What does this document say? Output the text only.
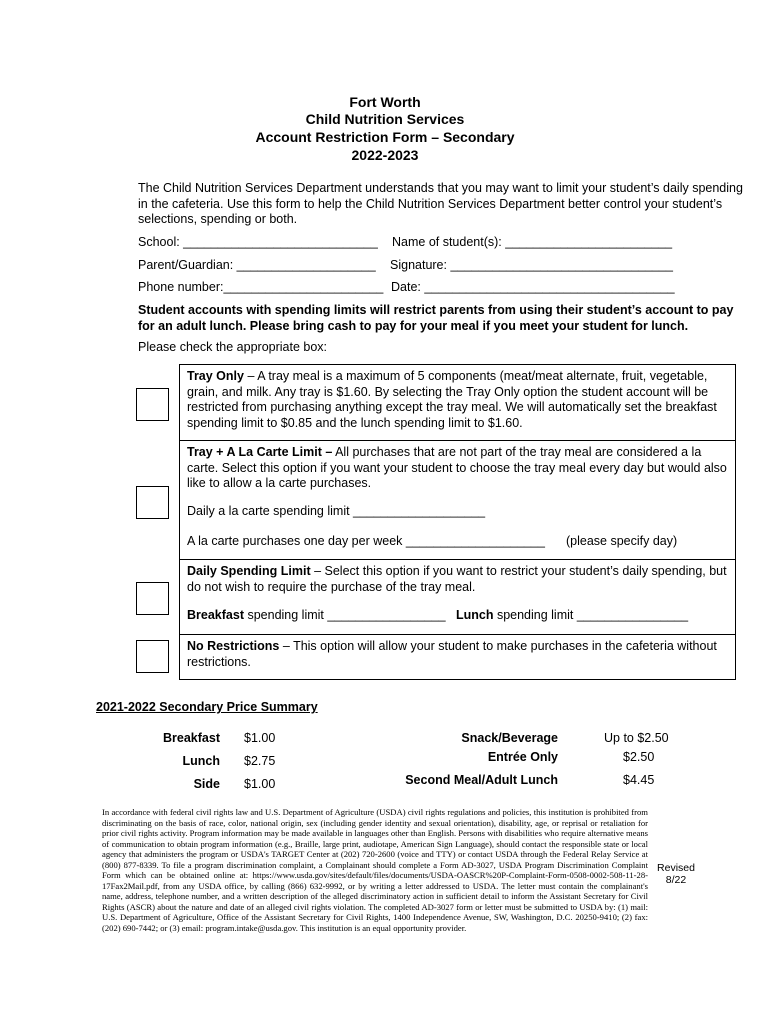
Fort Worth
Child Nutrition Services
Account Restriction Form – Secondary
2022-2023
The Child Nutrition Services Department understands that you may want to limit your student’s daily spending in the cafeteria. Use this form to help the Child Nutrition Services Department better control your student’s selections, spending or both.
School: ____________________________ Name of student(s): ________________________
Parent/Guardian: ____________________ Signature: ________________________________
Phone number:_______________________ Date: ____________________________________
Student accounts with spending limits will restrict parents from using their student’s account to pay for an adult lunch. Please bring cash to pay for your meal if you meet your student for lunch.
Please check the appropriate box:
Tray Only – A tray meal is a maximum of 5 components (meat/meat alternate, fruit, vegetable, grain, and milk. Any tray is $1.60. By selecting the Tray Only option the student account will be restricted from purchasing anything except the tray meal. We will automatically set the breakfast spending limit to $0.85 and the lunch spending limit to $1.60.
Tray + A La Carte Limit – All purchases that are not part of the tray meal are considered a la carte. Select this option if you want your student to choose the tray meal every day but would also like to allow a la carte purchases.
Daily a la carte spending limit ___________________
A la carte purchases one day per week ____________________	(please specify day)
Daily Spending Limit – Select this option if you want to restrict your student’s daily spending, but do not wish to require the purchase of the tray meal.
Breakfast spending limit _________________ Lunch spending limit ________________
No Restrictions – This option will allow your student to make purchases in the cafeteria without restrictions.
2021-2022 Secondary Price Summary
Breakfast $1.00
Lunch $2.75
Side $1.00
Snack/Beverage	Up to $2.50
Entrée Only	$2.50
Second Meal/Adult Lunch	$4.45
In accordance with federal civil rights law and U.S. Department of Agriculture (USDA) civil rights regulations and policies, this institution is prohibited from discriminating on the basis of race, color, national origin, sex (including gender identity and sexual orientation), disability, age, or reprisal or retaliation for prior civil rights activity. Program information may be made available in languages other than English. Persons with disabilities who require alternative means of communication to obtain program information (e.g., Braille, large print, audiotape, American Sign Language), should contact the responsible state or local agency that administers the program or USDA's TARGET Center at (202) 720-2600 (voice and TTY) or contact USDA through the Federal Relay Service at (800) 877-8339. To file a program discrimination complaint, a Complainant should complete a Form AD-3027, USDA Program Discrimination Complaint Form which can be obtained online at: https://www.usda.gov/sites/default/files/documents/USDA-OASCR%20P-Complaint-Form-0508-0002-508-11-28-17Fax2Mail.pdf, from any USDA office, by calling (866) 632-9992, or by writing a letter addressed to USDA. The letter must contain the complainant's name, address, telephone number, and a written description of the alleged discriminatory action in sufficient detail to inform the Assistant Secretary for Civil Rights (ASCR) about the nature and date of an alleged civil rights violation. The completed AD-3027 form or letter must be submitted to USDA by: (1) mail: U.S. Department of Agriculture, Office of the Assistant Secretary for Civil Rights, 1400 Independence Avenue, SW, Washington, D.C. 20250-9410; (2) fax: (202) 690-7442; or (3) email: program.intake@usda.gov. This institution is an equal opportunity provider.
Revised
8/22
